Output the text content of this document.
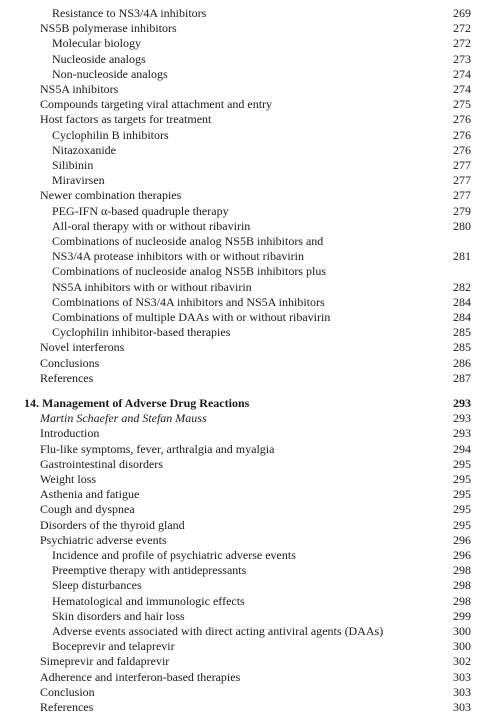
Resistance to NS3/4A inhibitors	269
NS5B polymerase inhibitors	272
Molecular biology	272
Nucleoside analogs	273
Non-nucleoside analogs	274
NS5A inhibitors	274
Compounds targeting viral attachment and entry	275
Host factors as targets for treatment	276
Cyclophilin B inhibitors	276
Nitazoxanide	276
Silibinin	277
Miravirsen	277
Newer combination therapies	277
PEG-IFN α-based quadruple therapy	279
All-oral therapy with or without ribavirin	280
Combinations of nucleoside analog NS5B inhibitors and
NS3/4A protease inhibitors with or without ribavirin	281
Combinations of nucleoside analog NS5B inhibitors plus
NS5A inhibitors with or without ribavirin	282
Combinations of NS3/4A inhibitors and NS5A inhibitors	284
Combinations of multiple DAAs with or without ribavirin	284
Cyclophilin inhibitor-based therapies	285
Novel interferons	285
Conclusions	286
References	287
14. Management of Adverse Drug Reactions	293
Martin Schaefer and Stefan Mauss	293
Introduction	293
Flu-like symptoms, fever, arthralgia and myalgia	294
Gastrointestinal disorders	295
Weight loss	295
Asthenia and fatigue	295
Cough and dyspnea	295
Disorders of the thyroid gland	295
Psychiatric adverse events	296
Incidence and profile of psychiatric adverse events	296
Preemptive therapy with antidepressants	298
Sleep disturbances	298
Hematological and immunologic effects	298
Skin disorders and hair loss	299
Adverse events associated with direct acting antiviral agents (DAAs)	300
Boceprevir and telaprevir	300
Simeprevir and faldaprevir	302
Adherence and interferon-based therapies	303
Conclusion	303
References	303
